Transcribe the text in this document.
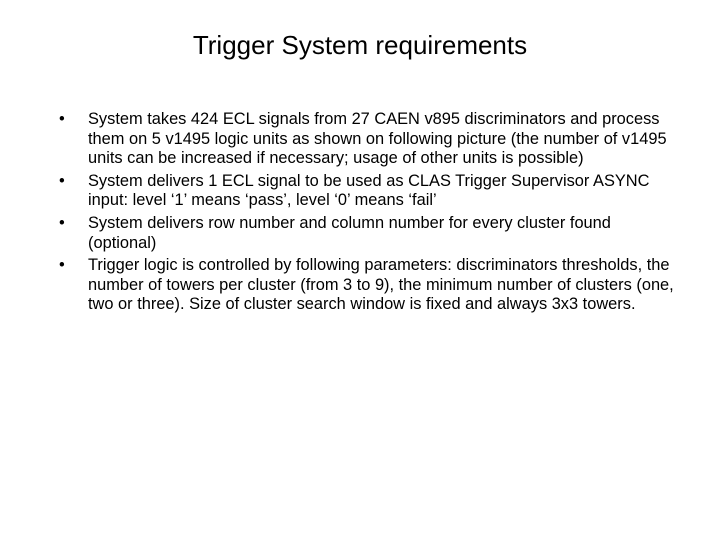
Trigger System requirements
• System takes 424 ECL signals from 27 CAEN v895 discriminators and process them on 5 v1495 logic units as shown on following picture (the number of v1495 units can be increased if necessary; usage of other units is possible)
• System delivers 1 ECL signal to be used as CLAS Trigger Supervisor ASYNC input: level ‘1’ means ‘pass’, level ‘0’ means ‘fail’
• System delivers row number and column number for every cluster found (optional)
• Trigger logic is controlled by following parameters: discriminators thresholds, the number of towers per cluster (from 3 to 9), the minimum number of clusters (one, two or three). Size of cluster search window is fixed and always 3x3 towers.
